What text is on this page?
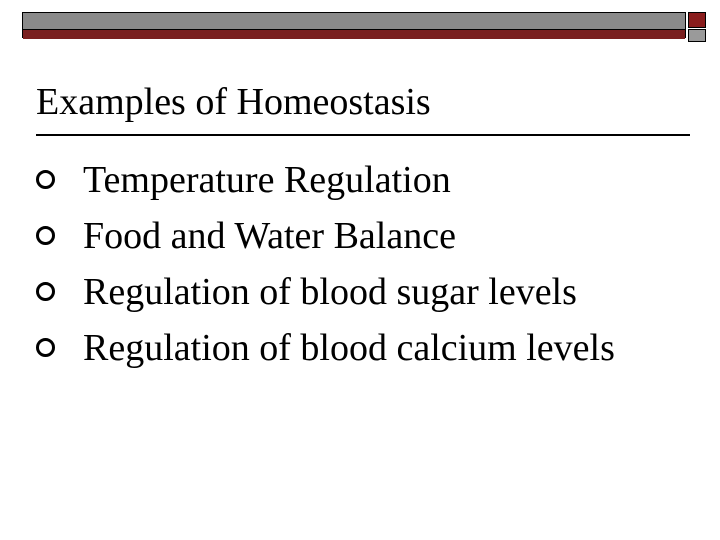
Examples of Homeostasis
Temperature Regulation
Food and Water Balance
Regulation of blood sugar levels
Regulation of blood calcium levels
